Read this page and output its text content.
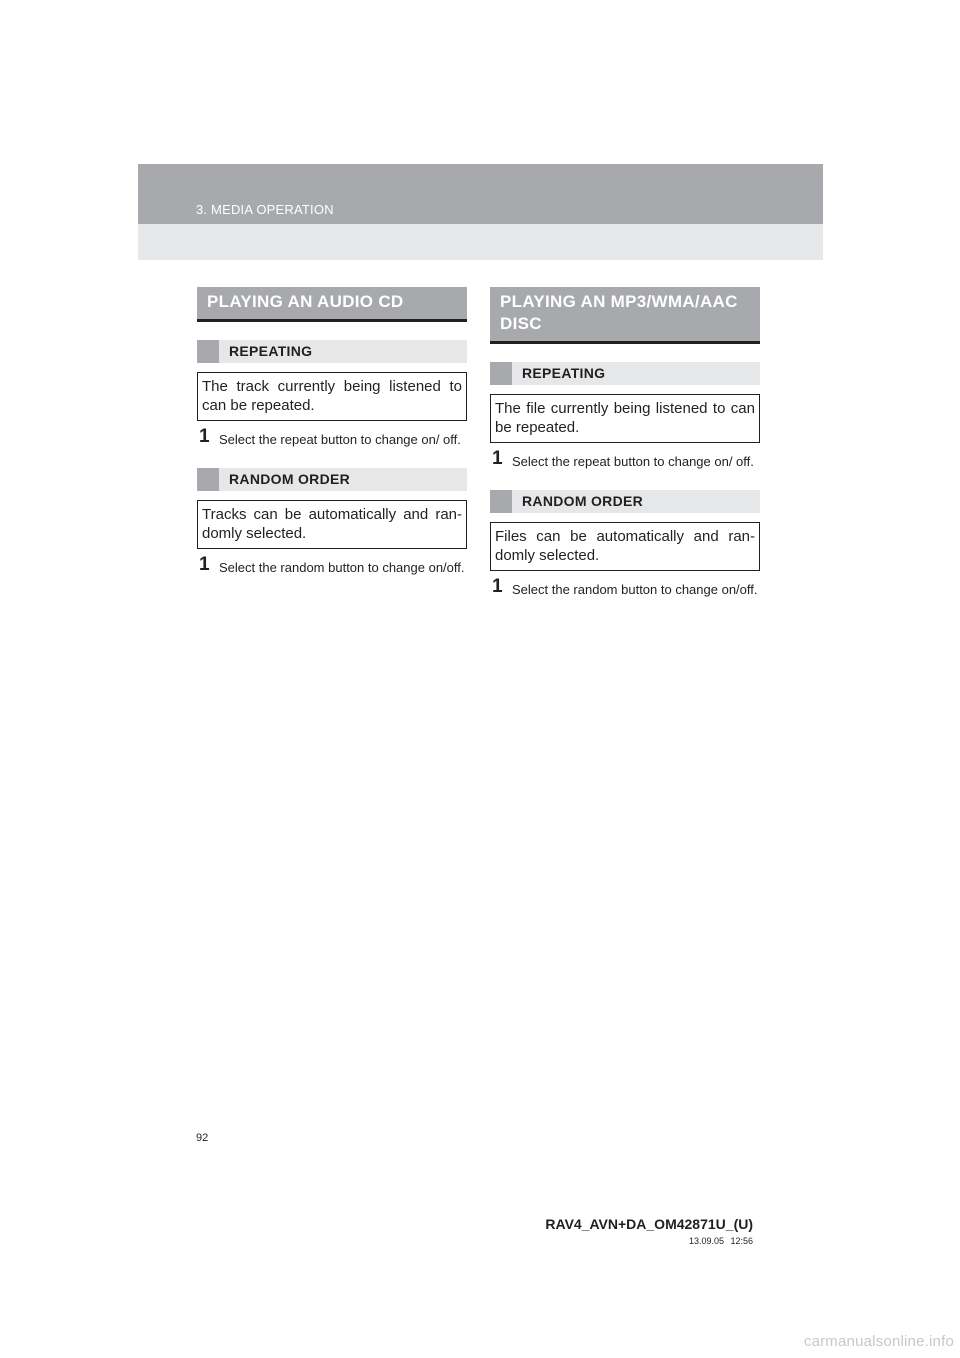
3. MEDIA OPERATION
PLAYING AN AUDIO CD
REPEATING
The track currently being listened to can be repeated.
1 Select the repeat button to change on/ off.
RANDOM ORDER
Tracks can be automatically and ran-domly selected.
1 Select the random button to change on/off.
PLAYING AN MP3/WMA/AAC DISC
REPEATING
The file currently being listened to can be repeated.
1 Select the repeat button to change on/ off.
RANDOM ORDER
Files can be automatically and ran-domly selected.
1 Select the random button to change on/off.
92
RAV4_AVN+DA_OM42871U_(U)
13.09.05 12:56
carmanualsonline.info
